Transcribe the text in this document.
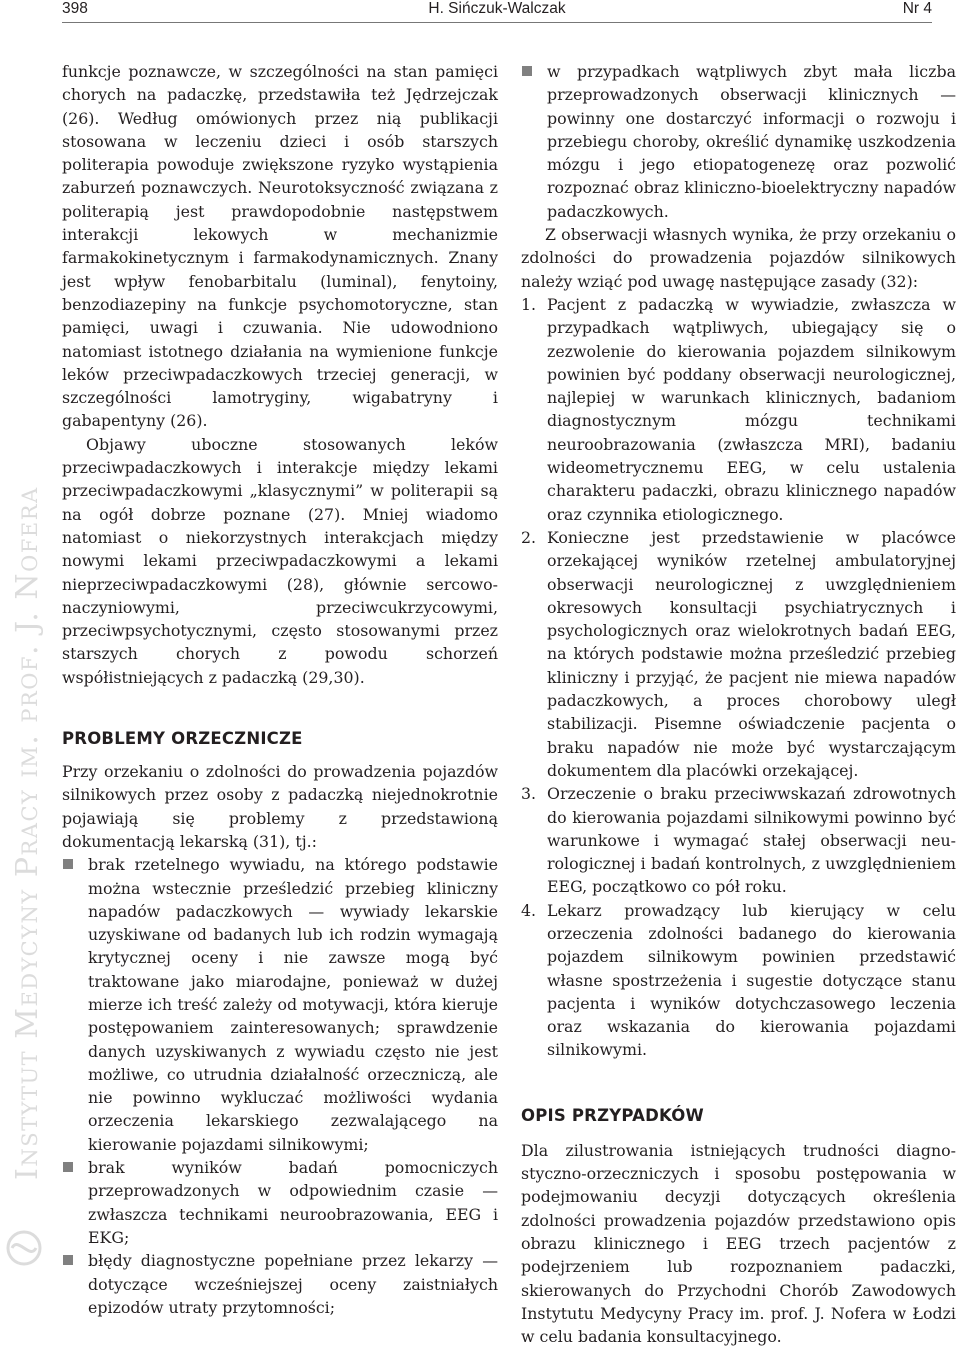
398	H. Sińczuk-Walczak	Nr 4
Instytut Medycyny Pracy im. prof. J. Nofera

funkcje poznawcze, w szczególności na stan pamięci chorych na padaczkę, przedstawiła też Jędrzejczak (26). Według omówionych przez nią publikacji stosowana w leczeniu dzieci i osób starszych politerapia powoduje zwiększone ryzyko wystąpienia zaburzeń poznawczych. Neurotoksyczność związana z politerapią jest prawdopodobnie następstwem interakcji lekowych w mechanizmie farmakokinetycznym i farmakodynamicznych. Znany jest wpływ fenobarbitalu (luminal), fenytoiny, benzodiazepiny na funkcje psychomotoryczne, stan pamięci, uwagi i czuwania. Nie udowodniono natomiast istotnego działania na wymienione funkcje leków przeciwpadaczkowych trzeciej generacji, w szczególności lamotryginy, wigabatryny i gabapentyny (26).

Objawy uboczne stosowanych leków przeciwpadaczkowych i interakcje między lekami przeciwpadaczkowymi „klasycznymi” w politerapii są na ogół dobrze poznane (27). Mniej wiadomo natomiast o niekorzystnych interakcjach między nowymi lekami przeciwpadaczkowymi a lekami nieprzeciwpadaczkowymi (28), głównie sercowo-naczyniowymi, przeciwcukrzycowymi, przeciwpsychotycznymi, często stosowanymi przez starszych chorych z powodu schorzeń współistniejących z padaczką (29,30).

PROBLEMY ORZECZNICZE

Przy orzekaniu o zdolności do prowadzenia pojazdów silnikowych przez osoby z padaczką niejednokrotnie pojawiają się problemy z przedstawioną dokumentacją lekarską (31), tj.:

brak rzetelnego wywiadu, na którego podstawie można wstecznie prześledzić przebieg kliniczny napadów padaczkowych — wywiady lekarskie uzyskiwane od badanych lub ich rodzin wymagają krytycznej oceny i nie zawsze mogą być traktowane jako miarodajne, ponieważ w dużej mierze ich treść zależy od motywacji, która kieruje postępowaniem zainteresowanych; sprawdzenie danych uzyskiwanych z wywiadu często nie jest możliwe, co utrudnia działalność orzeczniczą, ale nie powinno wykluczać możliwości wydania orzeczenia lekarskiego zezwalającego na kierowanie pojazdami silnikowymi;
brak wyników badań pomocniczych przeprowadzonych w odpowiednim czasie — zwłaszcza technikami neuroobrazowania, EEG i EKG;
błędy diagnostyczne popełniane przez lekarzy — dotyczące wcześniejszej oceny zaistniałych epizodów utraty przytomności;
w przypadkach wątpliwych zbyt mała liczba przeprowadzonych obserwacji klinicznych — powinny one dostarczyć informacji o rozwoju i przebiegu choroby, określić dynamikę uszkodzenia mózgu i jego etiopatogenezę oraz pozwolić rozpoznać obraz kliniczno-bioelektryczny napadów padaczkowych.

Z obserwacji własnych wynika, że przy orzekaniu o zdolności do prowadzenia pojazdów silnikowych należy wziąć pod uwagę następujące zasady (32):

1. Pacjent z padaczką w wywiadzie, zwłaszcza w przypadkach wątpliwych, ubiegający się o zezwolenie do kierowania pojazdem silnikowym powinien być poddany obserwacji neurologicznej, najlepiej w warunkach klinicznych, badaniom diagnostycznym mózgu technikami neuroobrazowania (zwłaszcza MRI), badaniu wideometrycznemu EEG, w celu ustalenia charakteru padaczki, obrazu klinicznego napadów oraz czynnika etiologicznego.
2. Konieczne jest przedstawienie w placówce orzekającej wyników rzetelnej ambulatoryjnej obserwacji neurologicznej z uwzględnieniem okresowych konsultacji psychiatrycznych i psychologicznych oraz wielokrotnych badań EEG, na których podstawie można prześledzić przebieg kliniczny i przyjąć, że pacjent nie miewa napadów padaczkowych, a proces chorobowy uległ stabilizacji. Pisemne oświadczenie pacjenta o braku napadów nie może być wystarczającym dokumentem dla placówki orzekającej.
3. Orzeczenie o braku przeciwwskazań zdrowotnych do kierowania pojazdami silnikowymi powinno być warunkowe i wymagać stałej obserwacji neurologicznej i badań kontrolnych, z uwzględnieniem EEG, początkowo co pół roku.
4. Lekarz prowadzący lub kierujący w celu orzeczenia zdolności badanego do kierowania pojazdem silnikowym powinien przedstawić własne spostrzeżenia i sugestie dotyczące stanu pacjenta i wyników dotychczasowego leczenia oraz wskazania do kierowania pojazdami silnikowymi.
OPIS PRZYPADKÓW

Dla zilustrowania istniejących trudności diagnostyczno-orzeczniczych i sposobu postępowania w podejmowaniu decyzji dotyczących określenia zdolności prowadzenia pojazdów przedstawiono opis obrazu klinicznego i EEG trzech pacjentów z podejrzeniem lub rozpoznaniem padaczki, skierowanych do Przychodni Chorób Zawodowych Instytutu Medycyny Pracy im. prof. J. Nofera w Łodzi w celu badania konsultacyjnego.
